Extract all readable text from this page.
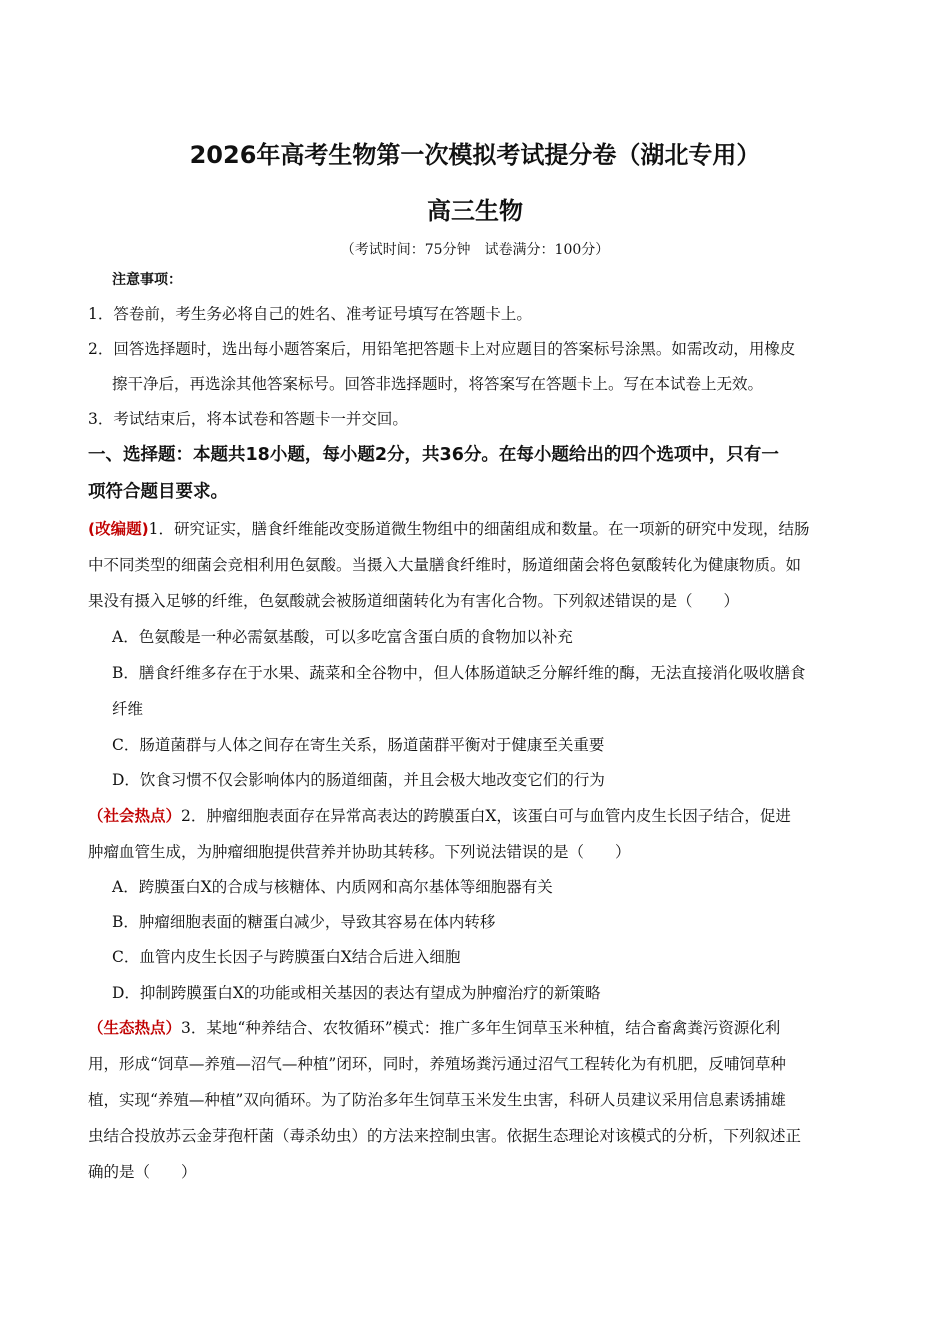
2026年高考生物第一次模拟考试提分卷（湖北专用）
高三生物
（考试时间：75分钟　试卷满分：100分）
注意事项：
1．答卷前，考生务必将自己的姓名、准考证号填写在答题卡上。
2．回答选择题时，选出每小题答案后，用铅笔把答题卡上对应题目的答案标号涂黑。如需改动，用橡皮
擦干净后，再选涂其他答案标号。回答非选择题时，将答案写在答题卡上。写在本试卷上无效。
3．考试结束后，将本试卷和答题卡一并交回。
一、选择题：本题共18小题，每小题2分，共36分。在每小题给出的四个选项中，只有一
项符合题目要求。
(改编题)1．研究证实，膳食纤维能改变肠道微生物组中的细菌组成和数量。在一项新的研究中发现，结肠
中不同类型的细菌会竞相利用色氨酸。当摄入大量膳食纤维时，肠道细菌会将色氨酸转化为健康物质。如
果没有摄入足够的纤维，色氨酸就会被肠道细菌转化为有害化合物。下列叙述错误的是（　　）
A．色氨酸是一种必需氨基酸，可以多吃富含蛋白质的食物加以补充
B．膳食纤维多存在于水果、蔬菜和全谷物中，但人体肠道缺乏分解纤维的酶，无法直接消化吸收膳食
纤维
C．肠道菌群与人体之间存在寄生关系，肠道菌群平衡对于健康至关重要
D．饮食习惯不仅会影响体内的肠道细菌，并且会极大地改变它们的行为
（社会热点）2．肿瘤细胞表面存在异常高表达的跨膜蛋白X，该蛋白可与血管内皮生长因子结合，促进
肿瘤血管生成，为肿瘤细胞提供营养并协助其转移。下列说法错误的是（　　）
A．跨膜蛋白X的合成与核糖体、内质网和高尔基体等细胞器有关
B．肿瘤细胞表面的糖蛋白减少，导致其容易在体内转移
C．血管内皮生长因子与跨膜蛋白X结合后进入细胞
D．抑制跨膜蛋白X的功能或相关基因的表达有望成为肿瘤治疗的新策略
（生态热点）3．某地“种养结合、农牧循环”模式：推广多年生饲草玉米种植，结合畜禽粪污资源化利
用，形成“饲草—养殖—沼气—种植”闭环，同时，养殖场粪污通过沼气工程转化为有机肥，反哺饲草种
植，实现“养殖—种植”双向循环。为了防治多年生饲草玉米发生虫害，科研人员建议采用信息素诱捕雄
虫结合投放苏云金芽孢杆菌（毒杀幼虫）的方法来控制虫害。依据生态理论对该模式的分析，下列叙述正
确的是（　　）
